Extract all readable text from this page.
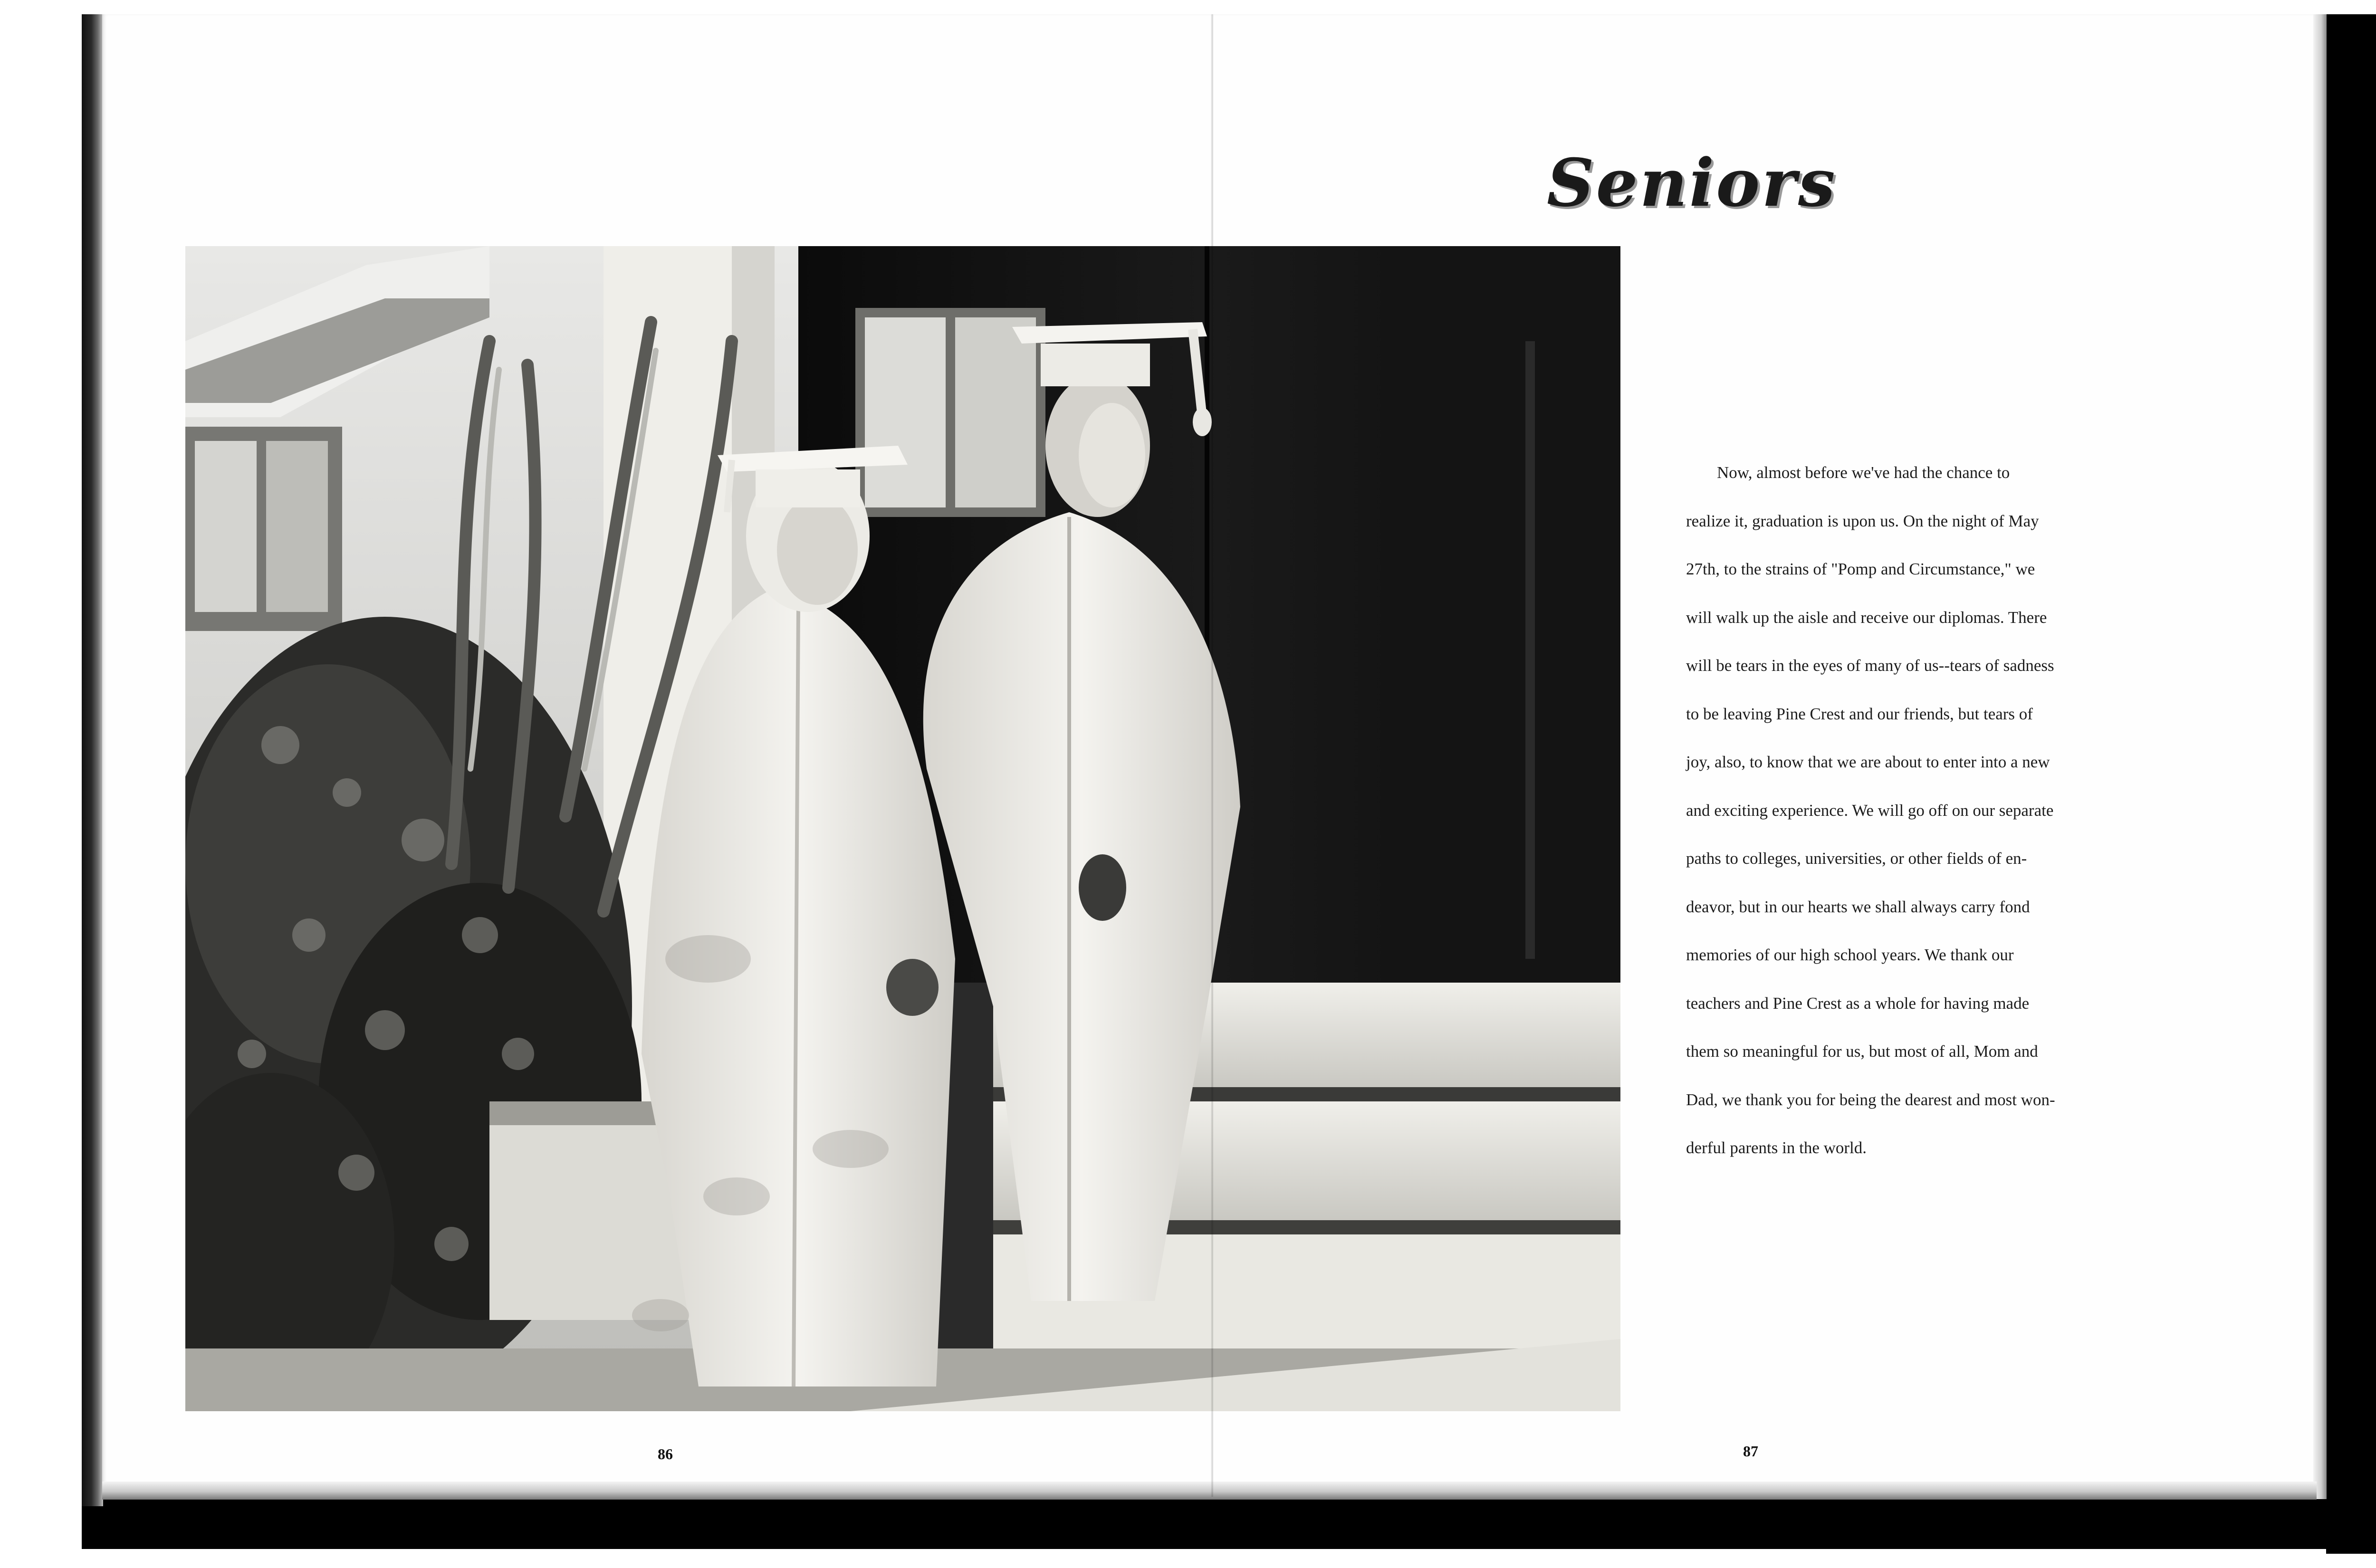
Seniors
Now, almost before we've had the chance to
realize it, graduation is upon us. On the night of May
27th, to the strains of "Pomp and Circumstance," we
will walk up the aisle and receive our diplomas. There
will be tears in the eyes of many of us--tears of sadness
to be leaving Pine Crest and our friends, but tears of
joy, also, to know that we are about to enter into a new
and exciting experience. We will go off on our separate
paths to colleges, universities, or other fields of en-
deavor, but in our hearts we shall always carry fond
memories of our high school years. We thank our
teachers and Pine Crest as a whole for having made
them so meaningful for us, but most of all, Mom and
Dad, we thank you for being the dearest and most won-
derful parents in the world.
86	87
